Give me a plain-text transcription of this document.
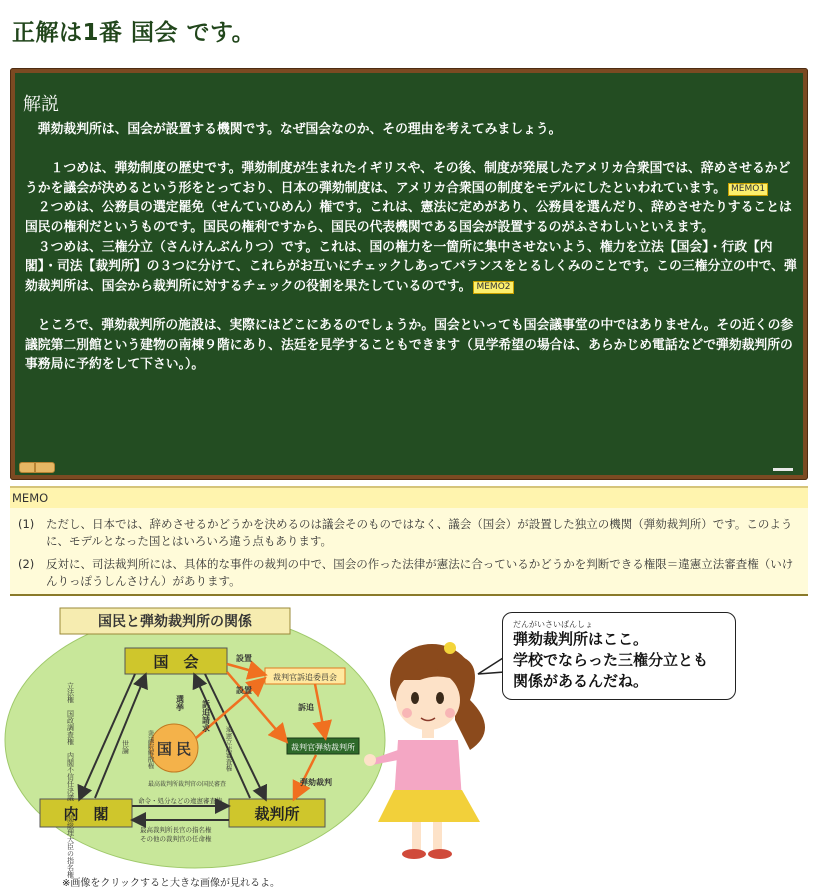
正解は1番 国会 です。
解説

　弾劾裁判所は、国会が設置する機関です。なぜ国会なのか、その理由を考えてみましょう。

　　１つめは、弾劾制度の歴史です。弾劾制度が生まれたイギリスや、その後、制度が発展したアメリカ合衆国では、辞めさせるかどうかを議会が決めるという形をとっており、日本の弾劾制度は、アメリカ合衆国の制度をモデルにしたといわれています。 MEMO1

　２つめは、公務員の選定罷免（せんていひめん）権です。これは、憲法に定めがあり、公務員を選んだり、辞めさせたりすることは国民の権利だというものです。国民の権利ですから、国民の代表機関である国会が設置するのがふさわしいといえます。

　３つめは、三権分立（さんけんぶんりつ）です。これは、国の権力を一箇所に集中させないよう、権力を立法【国会】・行政【内閣】・司法【裁判所】の３つに分けて、これらがお互いにチェックしあってバランスをとるしくみのことです。この三権分立の中で、弾劾裁判所は、国会から裁判所に対するチェックの役割を果たしているのです。 MEMO2

　ところで、弾劾裁判所の施設は、実際にはどこにあるのでしょうか。国会といっても国会議事堂の中ではありません。その近くの参議院第二別館という建物の南棟９階にあり、法廷を見学することもできます（見学希望の場合は、あらかじめ電話などで弾劾裁判所の事務局に予約をして下さい。）。

MEMO
(1) ただし、日本では、辞めさせるかどうかを決めるのは議会そのものではなく、議会（国会）が設置した独立の機関（弾劾裁判所）です。このように、モデルとなった国とはいろいろ違う点もあります。
(2) 反対に、司法裁判所には、具体的な事件の裁判の中で、国会の作った法律が憲法に合っているかどうかを判断できる権限＝違憲立法審査権（いけんりっぽうしんさけん）があります。
国民と弾劾裁判所の関係
国　会
内　閣	裁判所
国 民
裁判官訴追委員会
裁判官弾劾裁判所
設置
設置
訴追
弾劾裁判
選挙
最高裁判所裁判官の国民審査
世論
立法権　国政調査権　内閣不信任決議　内閣総理大臣の指名権	訴追請求
命令・処分などの違憲審査権
最高裁判所長官の指名権
その他の裁判官の任命権
衆議院解散権	違憲立法審査権
だんがいさいばんしょ
弾劾裁判所はここ。
学校でならった三権分立とも
関係があるんだね。
※画像をクリックすると大きな画像が見れるよ。
